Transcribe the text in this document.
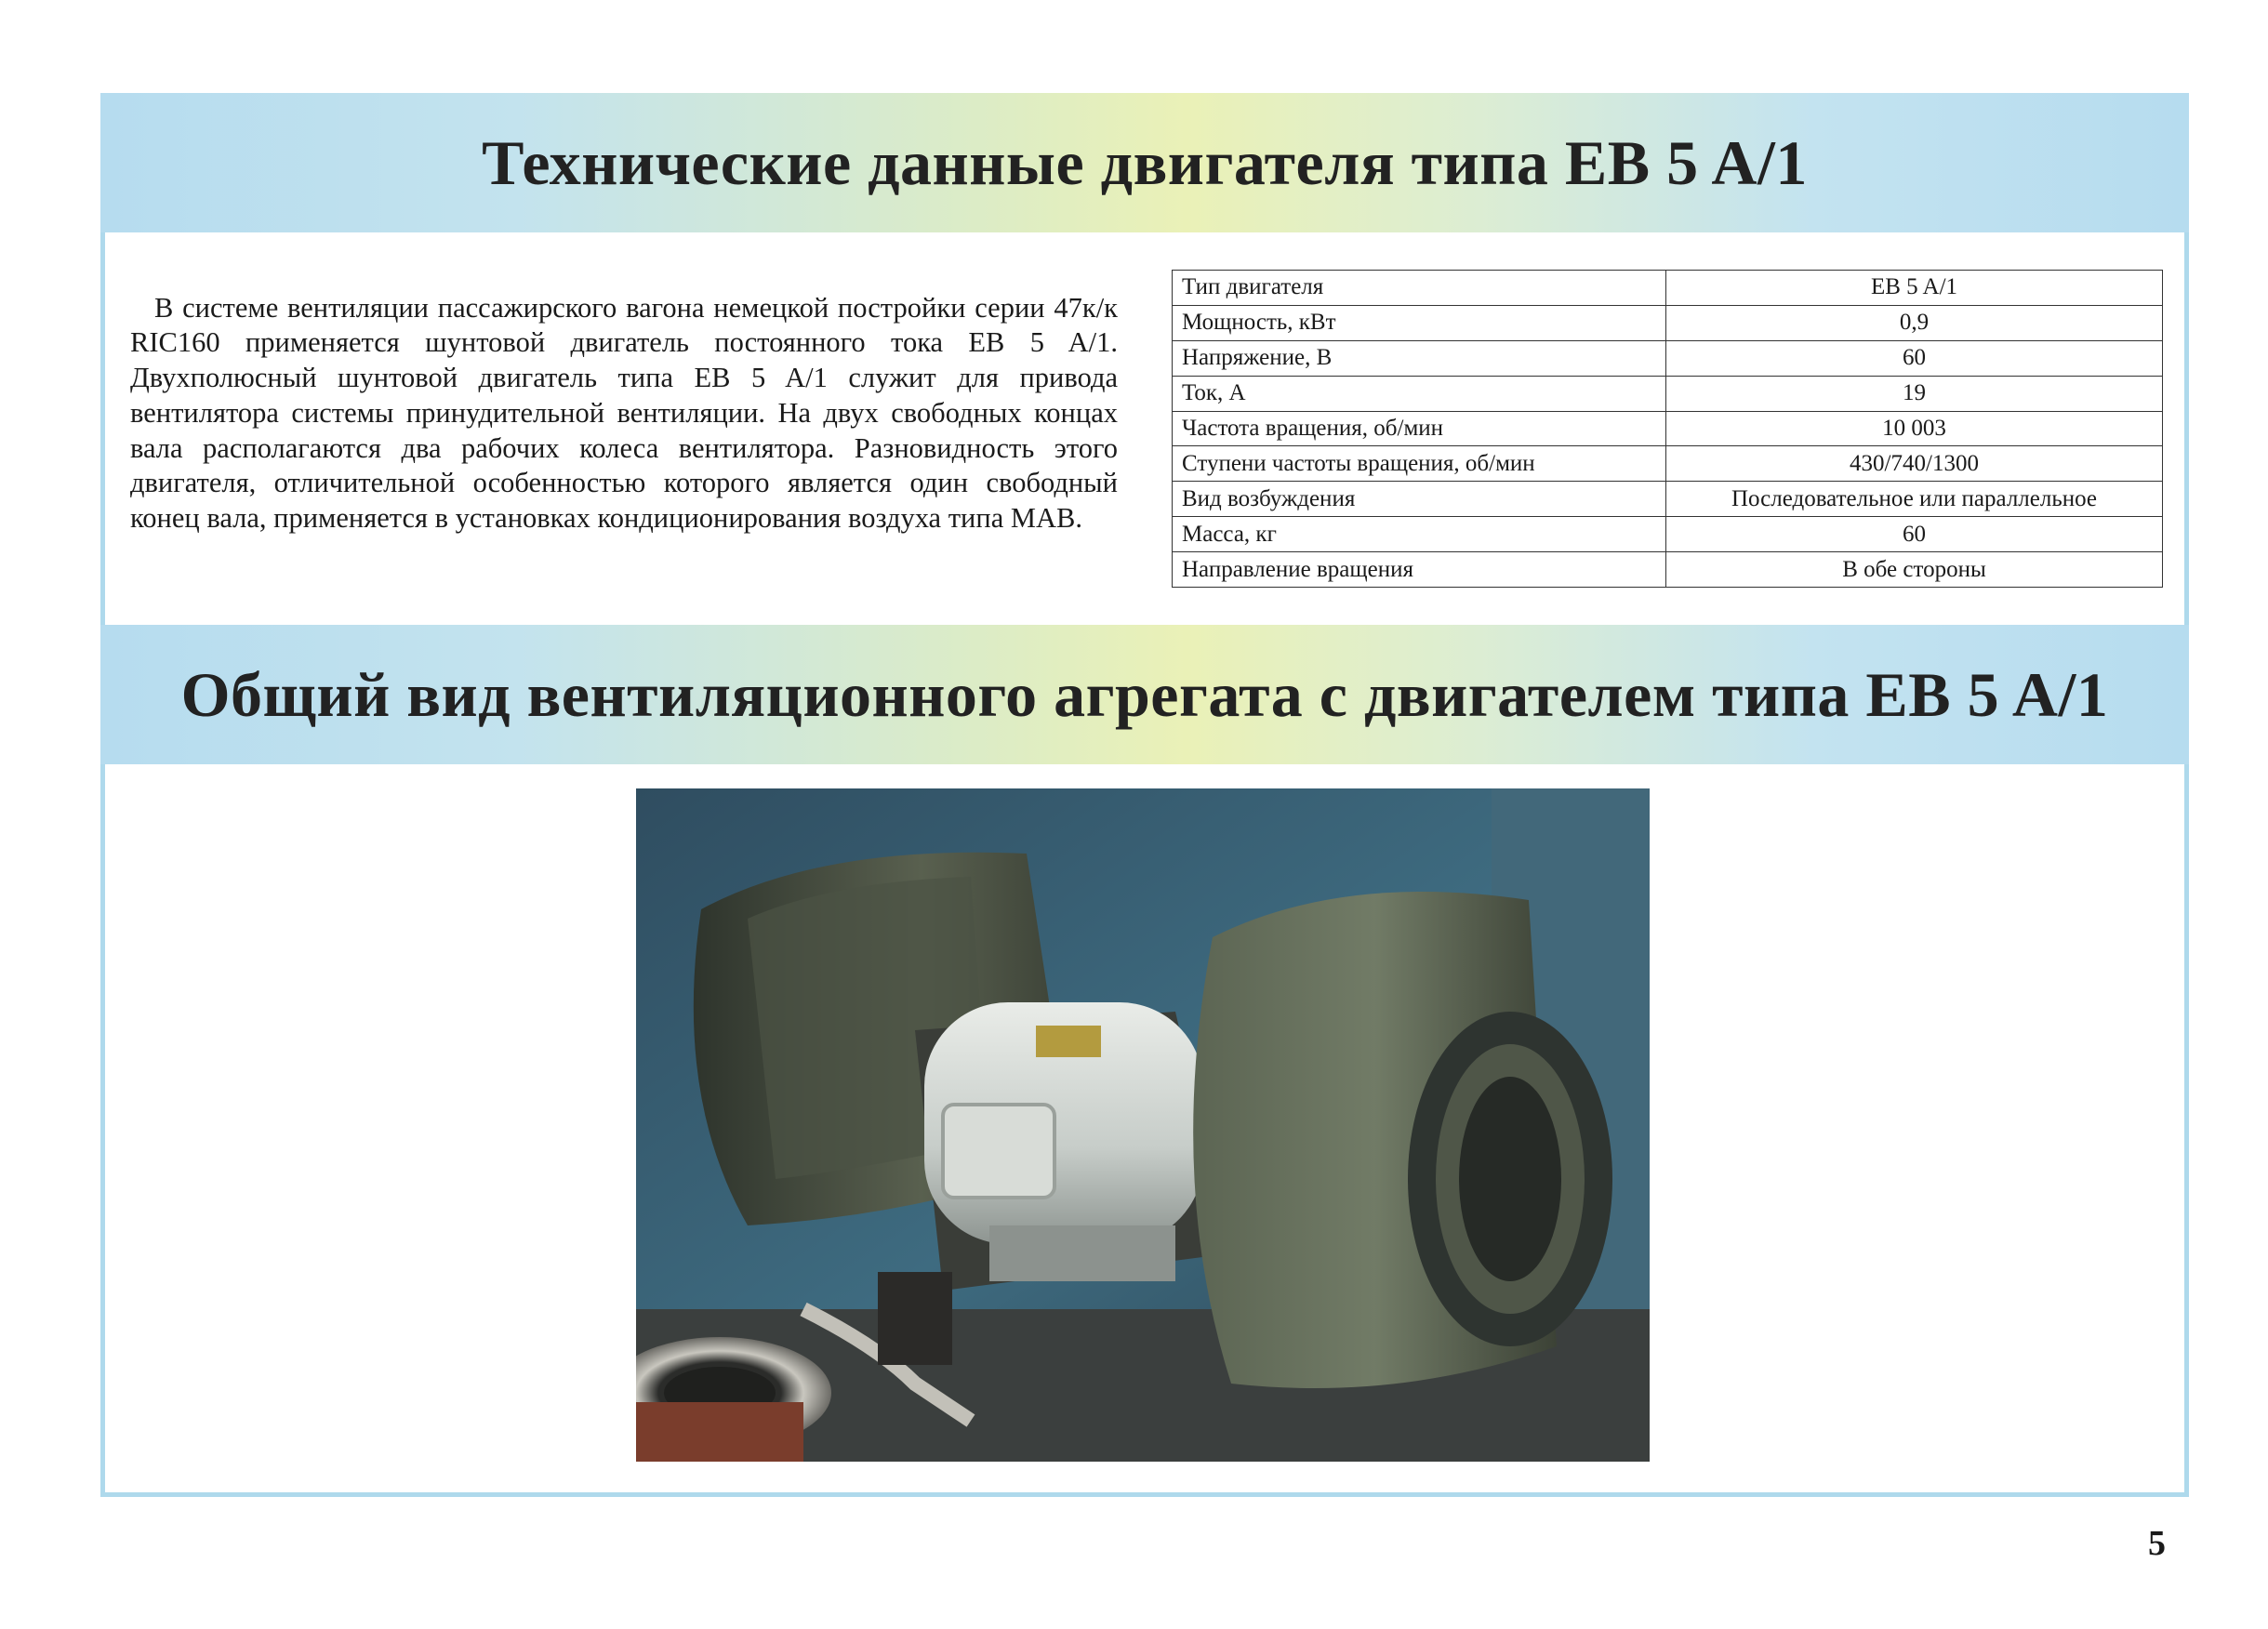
Технические данные двигателя типа EB 5 A/1

В системе вентиляции пассажирского вагона немецкой постройки серии 47к/к RIC160 применяется шунтовой двигатель постоянного тока EB 5 A/1. Двухполюсный шунтовой двигатель типа EB 5 A/1 служит для привода вентилятора системы принудительной вентиляции. На двух свободных концах вала располагаются два рабочих колеса вентилятора. Разновидность этого двигателя, отличительной особенностью которого является один свободный конец вала, применяется в установках кондиционирования воздуха типа MAB.

Тип двигателя	EB 5 A/1
Мощность, кВт	0,9
Напряжение, В	60
Ток, А	19
Частота вращения, об/мин	10 003
Ступени частоты вращения, об/мин	430/740/1300
Вид возбуждения	Последовательное или параллельное
Масса, кг	60
Направление вращения	В обе стороны
Общий вид вентиляционного агрегата с двигателем типа EB 5 A/1
5
